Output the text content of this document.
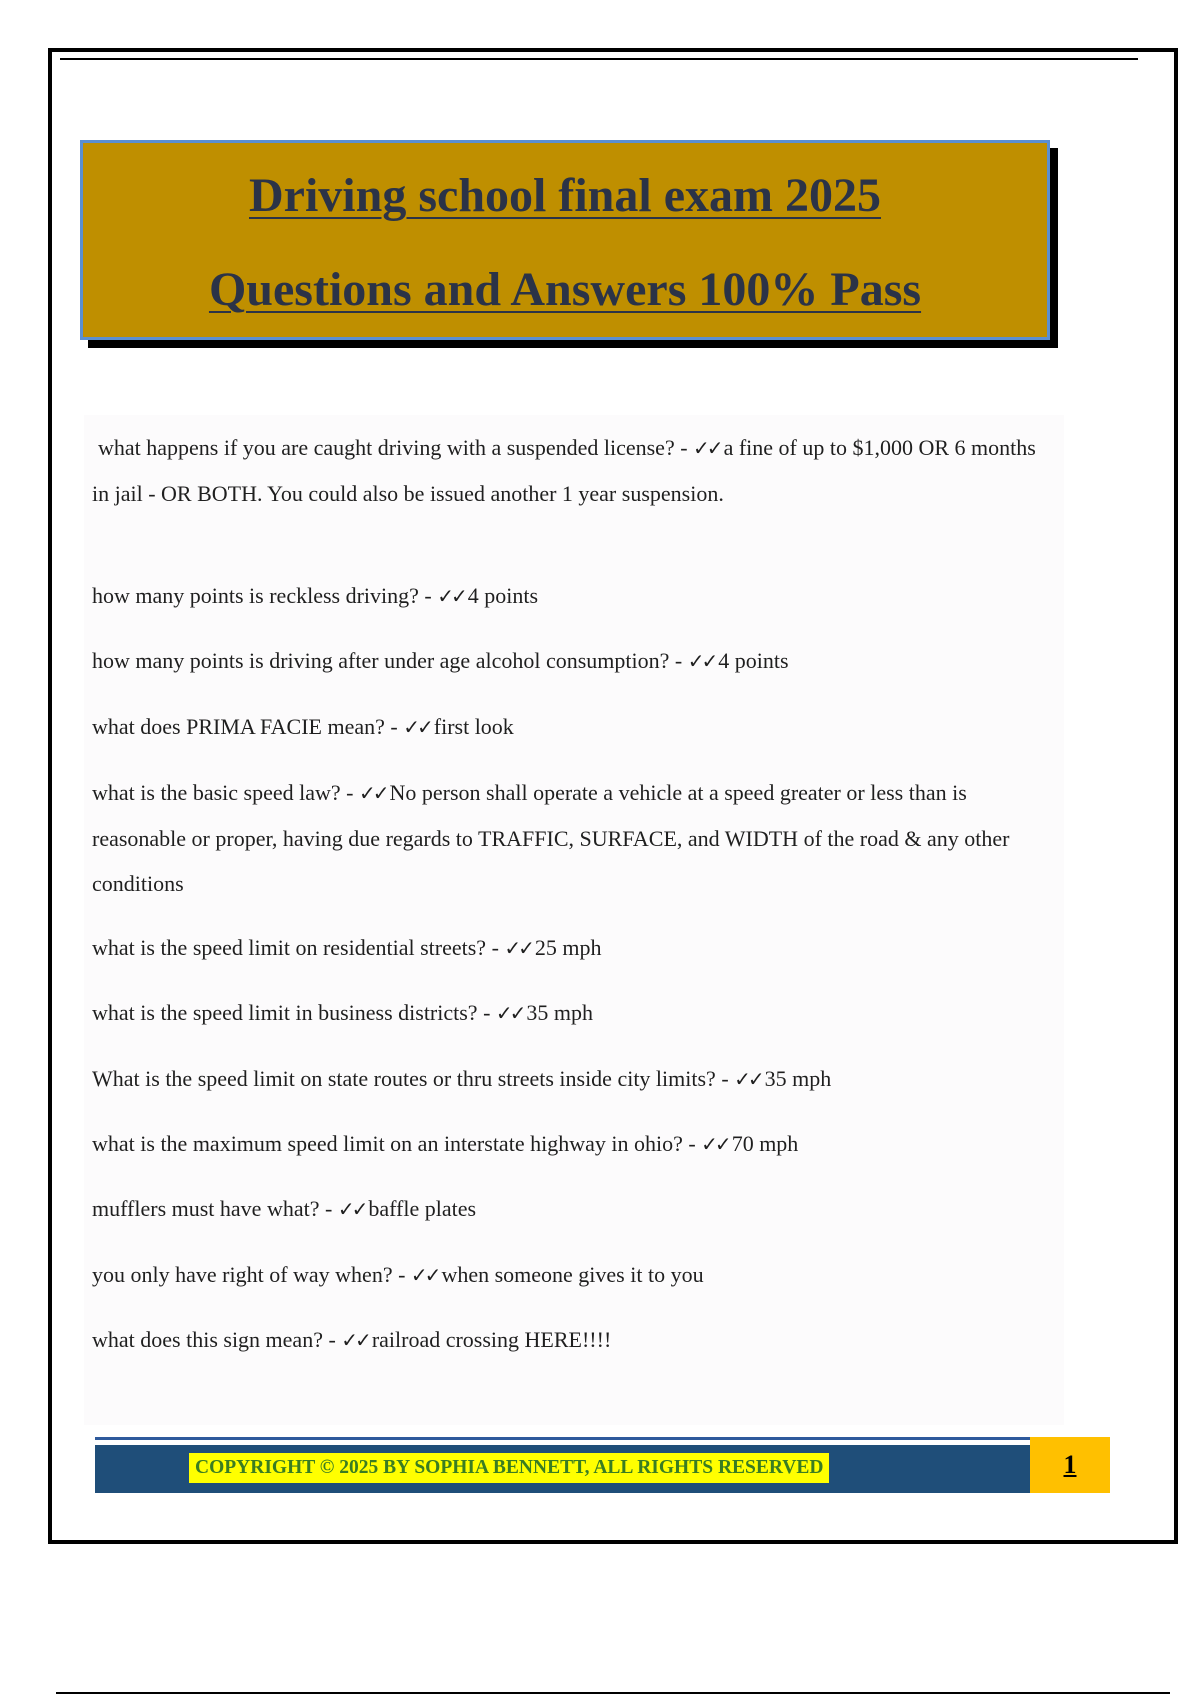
Driving school final exam 2025
Questions and Answers 100% Pass

what happens if you are caught driving with a suspended license? - ✓✓ a fine of up to $1,000 OR 6 months in jail - OR BOTH. You could also be issued another 1 year suspension.

how many points is reckless driving? - ✓✓ 4 points

how many points is driving after under age alcohol consumption? - ✓✓ 4 points

what does PRIMA FACIE mean? - ✓✓ first look

what is the basic speed law? - ✓✓ No person shall operate a vehicle at a speed greater or less than is reasonable or proper, having due regards to TRAFFIC, SURFACE, and WIDTH of the road & any other conditions

what is the speed limit on residential streets? - ✓✓ 25 mph

what is the speed limit in business districts? - ✓✓ 35 mph

What is the speed limit on state routes or thru streets inside city limits? - ✓✓ 35 mph

what is the maximum speed limit on an interstate highway in ohio? - ✓✓ 70 mph

mufflers must have what? - ✓✓ baffle plates

you only have right of way when? - ✓✓ when someone gives it to you

what does this sign mean? - ✓✓ railroad crossing HERE!!!!

COPYRIGHT © 2025 BY SOPHIA BENNETT, ALL RIGHTS RESERVED	1
